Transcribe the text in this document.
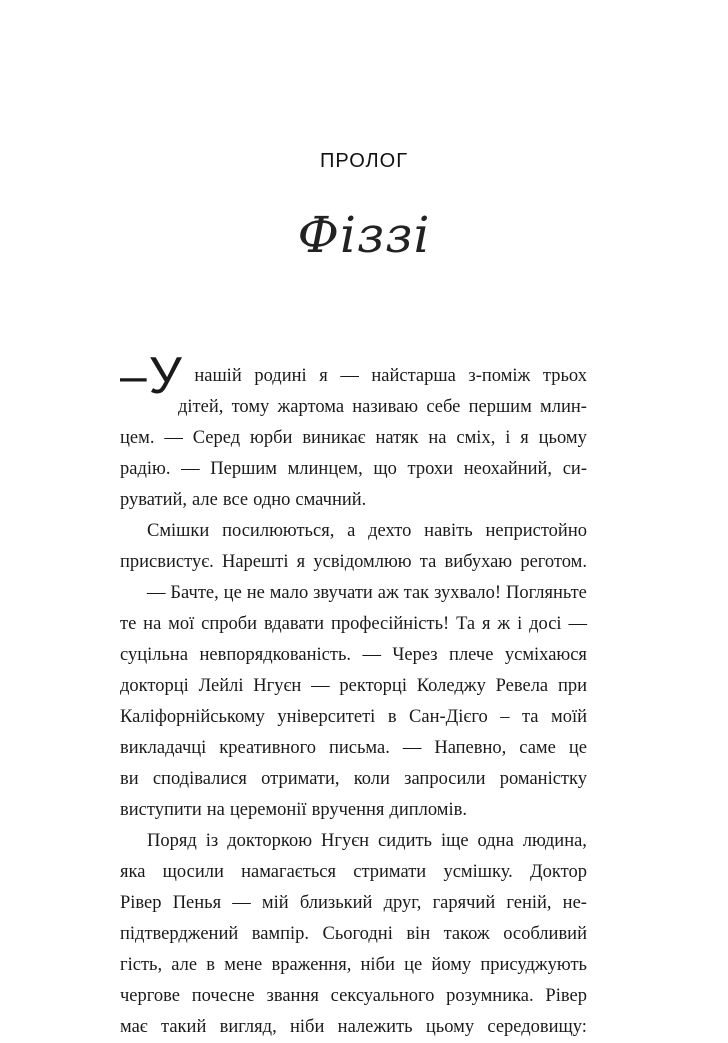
ПРОЛОГ
Фіззі
– У нашій родині я — найстарша з-поміж трьох
дітей, тому жартома називаю себе першим млин-
цем. — Серед юрби виникає натяк на сміх, і я цьому
радію. — Першим млинцем, що трохи неохайний, си-
руватий, але все одно смачний.
Смішки посилюються, а дехто навіть непристойно
присвистує. Нарешті я усвідомлюю та вибухаю реготом.
— Бачте, це не мало звучати аж так зухвало! Погляньте
те на мої спроби вдавати професійність! Та я ж і досі —
суцільна невпорядкованість. — Через плече усміхаюся
докторці Лейлі Нгуєн — ректорці Коледжу Ревела при
Каліфорнійському університеті в Сан-Дієго – та моїй
викладачці креативного письма. — Напевно, саме це
ви сподівалися отримати, коли запросили романістку
виступити на церемонії вручення дипломів.
Поряд із докторкою Нгуєн сидить іще одна людина,
яка щосили намагається стримати усмішку. Доктор
Рівер Пенья — мій близький друг, гарячий геній, не-
підтверджений вампір. Сьогодні він також особливий
гість, але в мене враження, ніби це йому присуджують
чергове почесне звання сексуального розумника. Рівер
має такий вигляд, ніби належить цьому середовищу:
